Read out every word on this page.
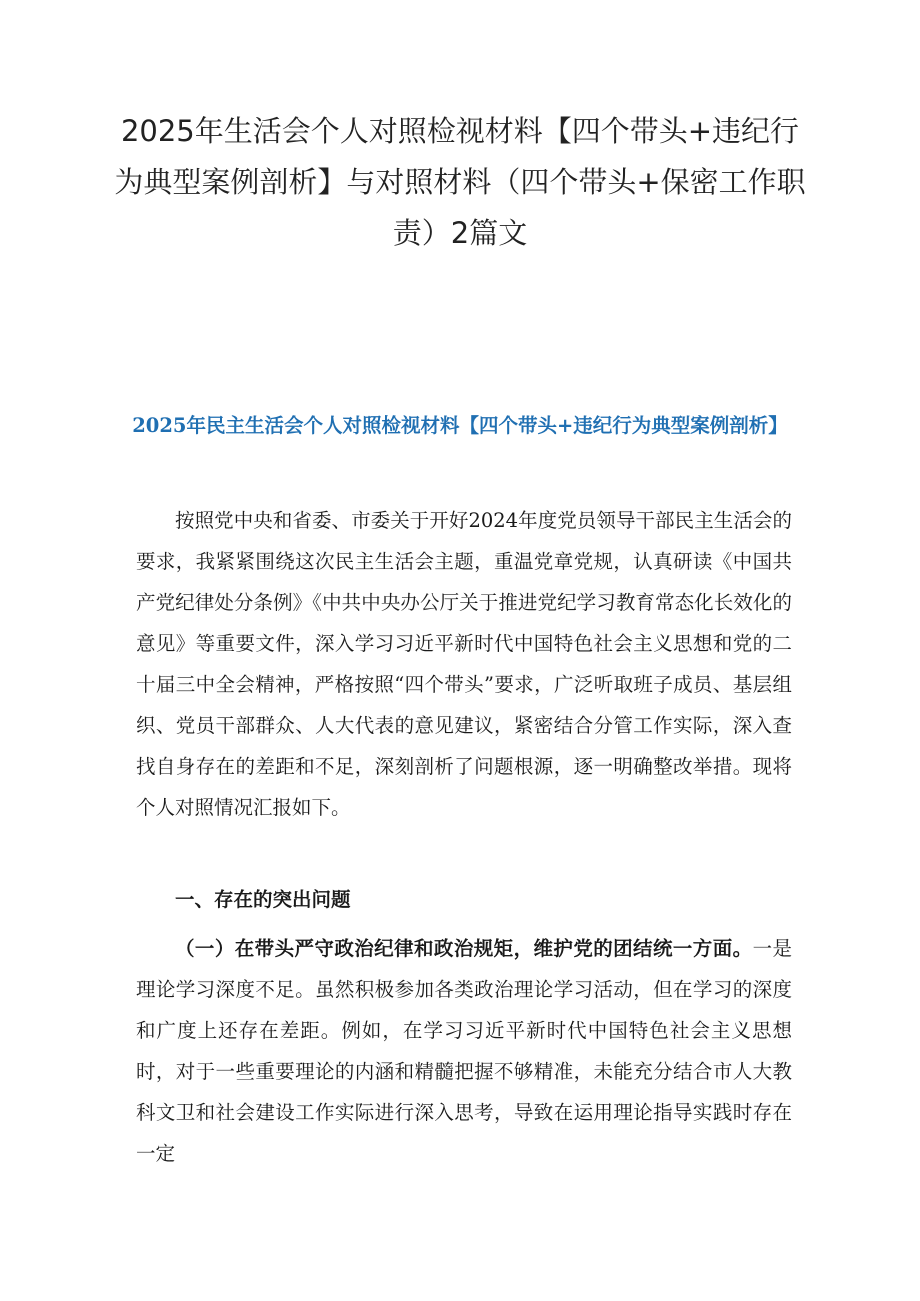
2025年生活会个人对照检视材料【四个带头+违纪行为典型案例剖析】与对照材料（四个带头+保密工作职责）2篇文
2025年民主生活会个人对照检视材料【四个带头+违纪行为典型案例剖析】

按照党中央和省委、市委关于开好2024年度党员领导干部民主生活会的要求，我紧紧围绕这次民主生活会主题，重温党章党规，认真研读《中国共产党纪律处分条例》《中共中央办公厅关于推进党纪学习教育常态化长效化的意见》等重要文件，深入学习习近平新时代中国特色社会主义思想和党的二十届三中全会精神，严格按照“四个带头”要求，广泛听取班子成员、基层组织、党员干部群众、人大代表的意见建议，紧密结合分管工作实际，深入查找自身存在的差距和不足，深刻剖析了问题根源，逐一明确整改举措。现将个人对照情况汇报如下。

一、存在的突出问题

（一）在带头严守政治纪律和政治规矩，维护党的团结统一方面。一是理论学习深度不足。虽然积极参加各类政治理论学习活动，但在学习的深度和广度上还存在差距。例如，在学习习近平新时代中国特色社会主义思想时，对于一些重要理论的内涵和精髓把握不够精准，未能充分结合市人大教科文卫和社会建设工作实际进行深入思考，导致在运用理论指导实践时存在一定
